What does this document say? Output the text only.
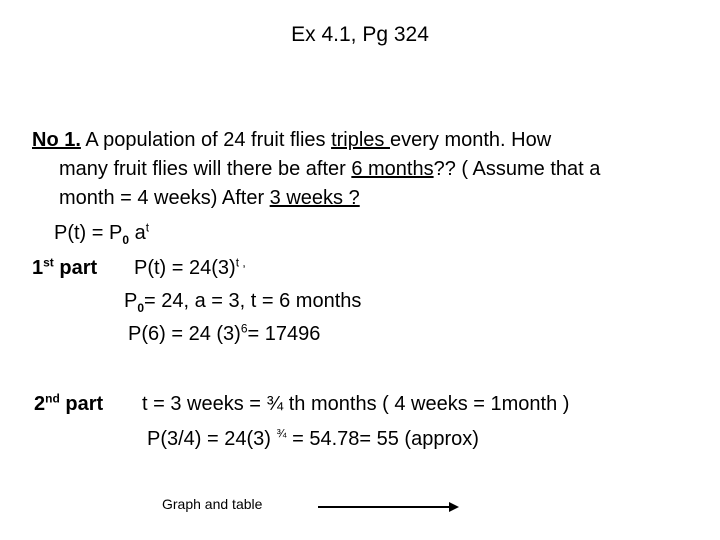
Ex 4.1, Pg 324
No 1. A population of 24 fruit flies triples every month. How
many fruit flies will there be after 6 months?? ( Assume that a
month = 4 weeks) After 3 weeks ?
$P(t) = P_0$ $a^t$
1st part $P(t) = 24(3)^{t ,}$
$P_0= 24$, a = 3, t = 6 months
P(6) = 24 $(3)^6= 17496$
2nd part t = 3 weeks = ¾ th months ( 4 weeks = 1month )
P(3/4) = 24(3) $^{\frac{3}{4}}$ = 54.78= 55 (approx)
Graph and table
